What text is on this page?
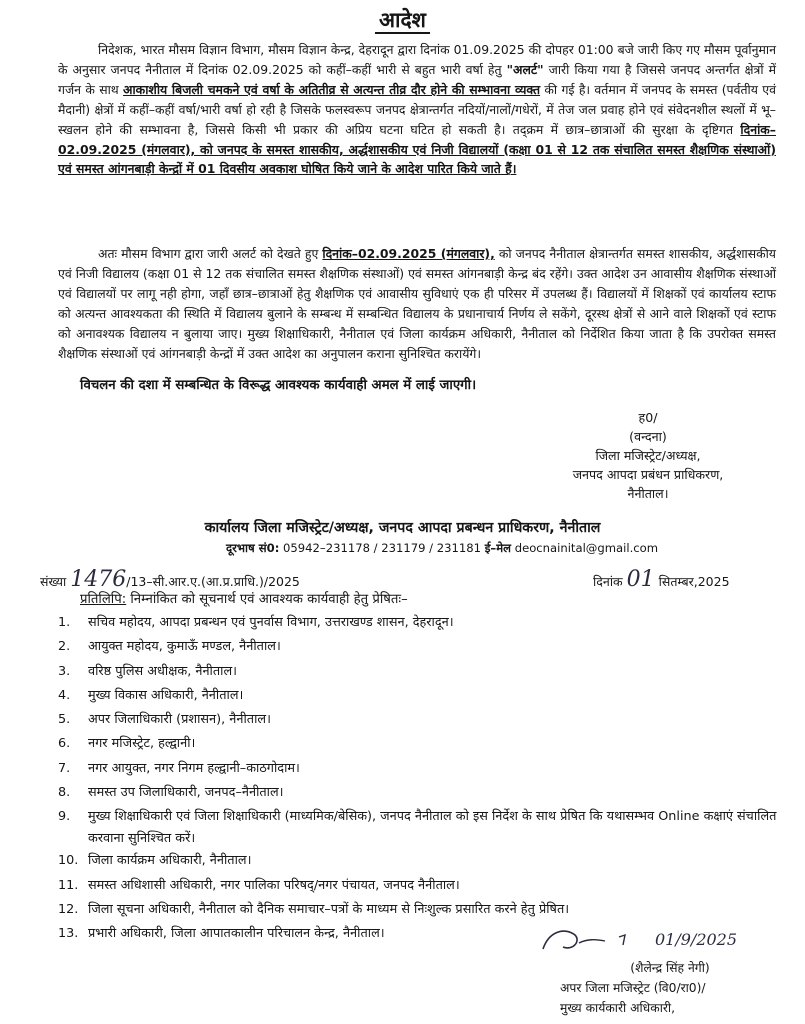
आदेश
निदेशक, भारत मौसम विज्ञान विभाग, मौसम विज्ञान केन्द्र, देहरादून द्वारा दिनांक 01.09.2025 की दोपहर 01:00 बजे जारी किए गए मौसम पूर्वानुमान के अनुसार जनपद नैनीताल में दिनांक 02.09.2025 को कहीं–कहीं भारी से बहुत भारी वर्षा हेतु "अलर्ट" जारी किया गया है जिससे जनपद अन्तर्गत क्षेत्रों में गर्जन के साथ आकाशीय बिजली चमकने एवं वर्षा के अतितीव्र से अत्यन्त तीव्र दौर होने की सम्भावना व्यक्त की गई है। वर्तमान में जनपद के समस्त (पर्वतीय एवं मैदानी) क्षेत्रों में कहीं–कहीं वर्षा/भारी वर्षा हो रही है जिसके फलस्वरूप जनपद क्षेत्रान्तर्गत नदियों/नालों/गधेरों, में तेज जल प्रवाह होने एवं संवेदनशील स्थलों में भू–स्खलन होने की सम्भावना है, जिससे किसी भी प्रकार की अप्रिय घटना घटित हो सकती है। तद्क्रम में छात्र–छात्राओं की सुरक्षा के दृष्टिगत दिनांक–02.09.2025 (मंगलवार), को जनपद के समस्त शासकीय, अर्द्धशासकीय एवं निजी विद्यालयों (कक्षा 01 से 12 तक संचालित समस्त शैक्षणिक संस्थाओं) एवं समस्त आंगनबाड़ी केन्द्रों में 01 दिवसीय अवकाश घोषित किये जाने के आदेश पारित किये जाते हैं।
अतः मौसम विभाग द्वारा जारी अलर्ट को देखते हुए दिनांक–02.09.2025 (मंगलवार), को जनपद नैनीताल क्षेत्रान्तर्गत समस्त शासकीय, अर्द्धशासकीय एवं निजी विद्यालय (कक्षा 01 से 12 तक संचालित समस्त शैक्षणिक संस्थाओं) एवं समस्त आंगनबाड़ी केन्द्र बंद रहेंगे। उक्त आदेश उन आवासीय शैक्षणिक संस्थाओं एवं विद्यालयों पर लागू नही होगा, जहाँ छात्र–छात्राओं हेतु शैक्षणिक एवं आवासीय सुविधाएं एक ही परिसर में उपलब्ध हैं। विद्यालयों में शिक्षकों एवं कार्यालय स्टाफ को अत्यन्त आवश्यकता की स्थिति में विद्यालय बुलाने के सम्बन्ध में सम्बन्धित विद्यालय के प्रधानाचार्य निर्णय ले सकेंगे, दूरस्थ क्षेत्रों से आने वाले शिक्षकों एवं स्टाफ को अनावश्यक विद्यालय न बुलाया जाए। मुख्य शिक्षाधिकारी, नैनीताल एवं जिला कार्यक्रम अधिकारी, नैनीताल को निर्देशित किया जाता है कि उपरोक्त समस्त शैक्षणिक संस्थाओं एवं आंगनबाड़ी केन्द्रों में उक्त आदेश का अनुपालन कराना सुनिश्चित करायेंगे।
विचलन की दशा में सम्बन्धित के विरूद्ध आवश्यक कार्यवाही अमल में लाई जाएगी।
ह0/
(वन्दना)
जिला मजिस्ट्रेट/अध्यक्ष,
जनपद आपदा प्रबंधन प्राधिकरण,
नैनीताल।
कार्यालय जिला मजिस्ट्रेट/अध्यक्ष, जनपद आपदा प्रबन्धन प्राधिकरण, नैनीताल
दूरभाष सं0: 05942–231178 / 231179 / 231181 ई–मेल deocnainital@gmail.com
संख्या 1476/13–सी.आर.ए.(आ.प्र.प्राधि.)/2025	दिनांक 01 सितम्बर,2025
प्रतिलिपि: निम्नांकित को सूचनार्थ एवं आवश्यक कार्यवाही हेतु प्रेषितः–
1. सचिव महोदय, आपदा प्रबन्धन एवं पुनर्वास विभाग, उत्तराखण्ड शासन, देहरादून।
2. आयुक्त महोदय, कुमाऊँ मण्डल, नैनीताल।
3. वरिष्ठ पुलिस अधीक्षक, नैनीताल।
4. मुख्य विकास अधिकारी, नैनीताल।
5. अपर जिलाधिकारी (प्रशासन), नैनीताल।
6. नगर मजिस्ट्रेट, हल्द्वानी।
7. नगर आयुक्त, नगर निगम हल्द्वानी–काठगोदाम।
8. समस्त उप जिलाधिकारी, जनपद–नैनीताल।
9. मुख्य शिक्षाधिकारी एवं जिला शिक्षाधिकारी (माध्यमिक/बेसिक), जनपद नैनीताल को इस निर्देश के साथ प्रेषित कि यथासम्भव Online कक्षाएं संचालित करवाना सुनिश्चित करें।
10. जिला कार्यक्रम अधिकारी, नैनीताल।
11. समस्त अधिशासी अधिकारी, नगर पालिका परिषद्/नगर पंचायत, जनपद नैनीताल।
12. जिला सूचना अधिकारी, नैनीताल को दैनिक समाचार–पत्रों के माध्यम से निःशुल्क प्रसारित करने हेतु प्रेषित।
13. प्रभारी अधिकारी, जिला आपातकालीन परिचालन केन्द्र, नैनीताल।	01/9/2025
(शैलेन्द्र सिंह नेगी)
अपर जिला मजिस्ट्रेट (वि0/रा0)/
मुख्य कार्यकारी अधिकारी,
